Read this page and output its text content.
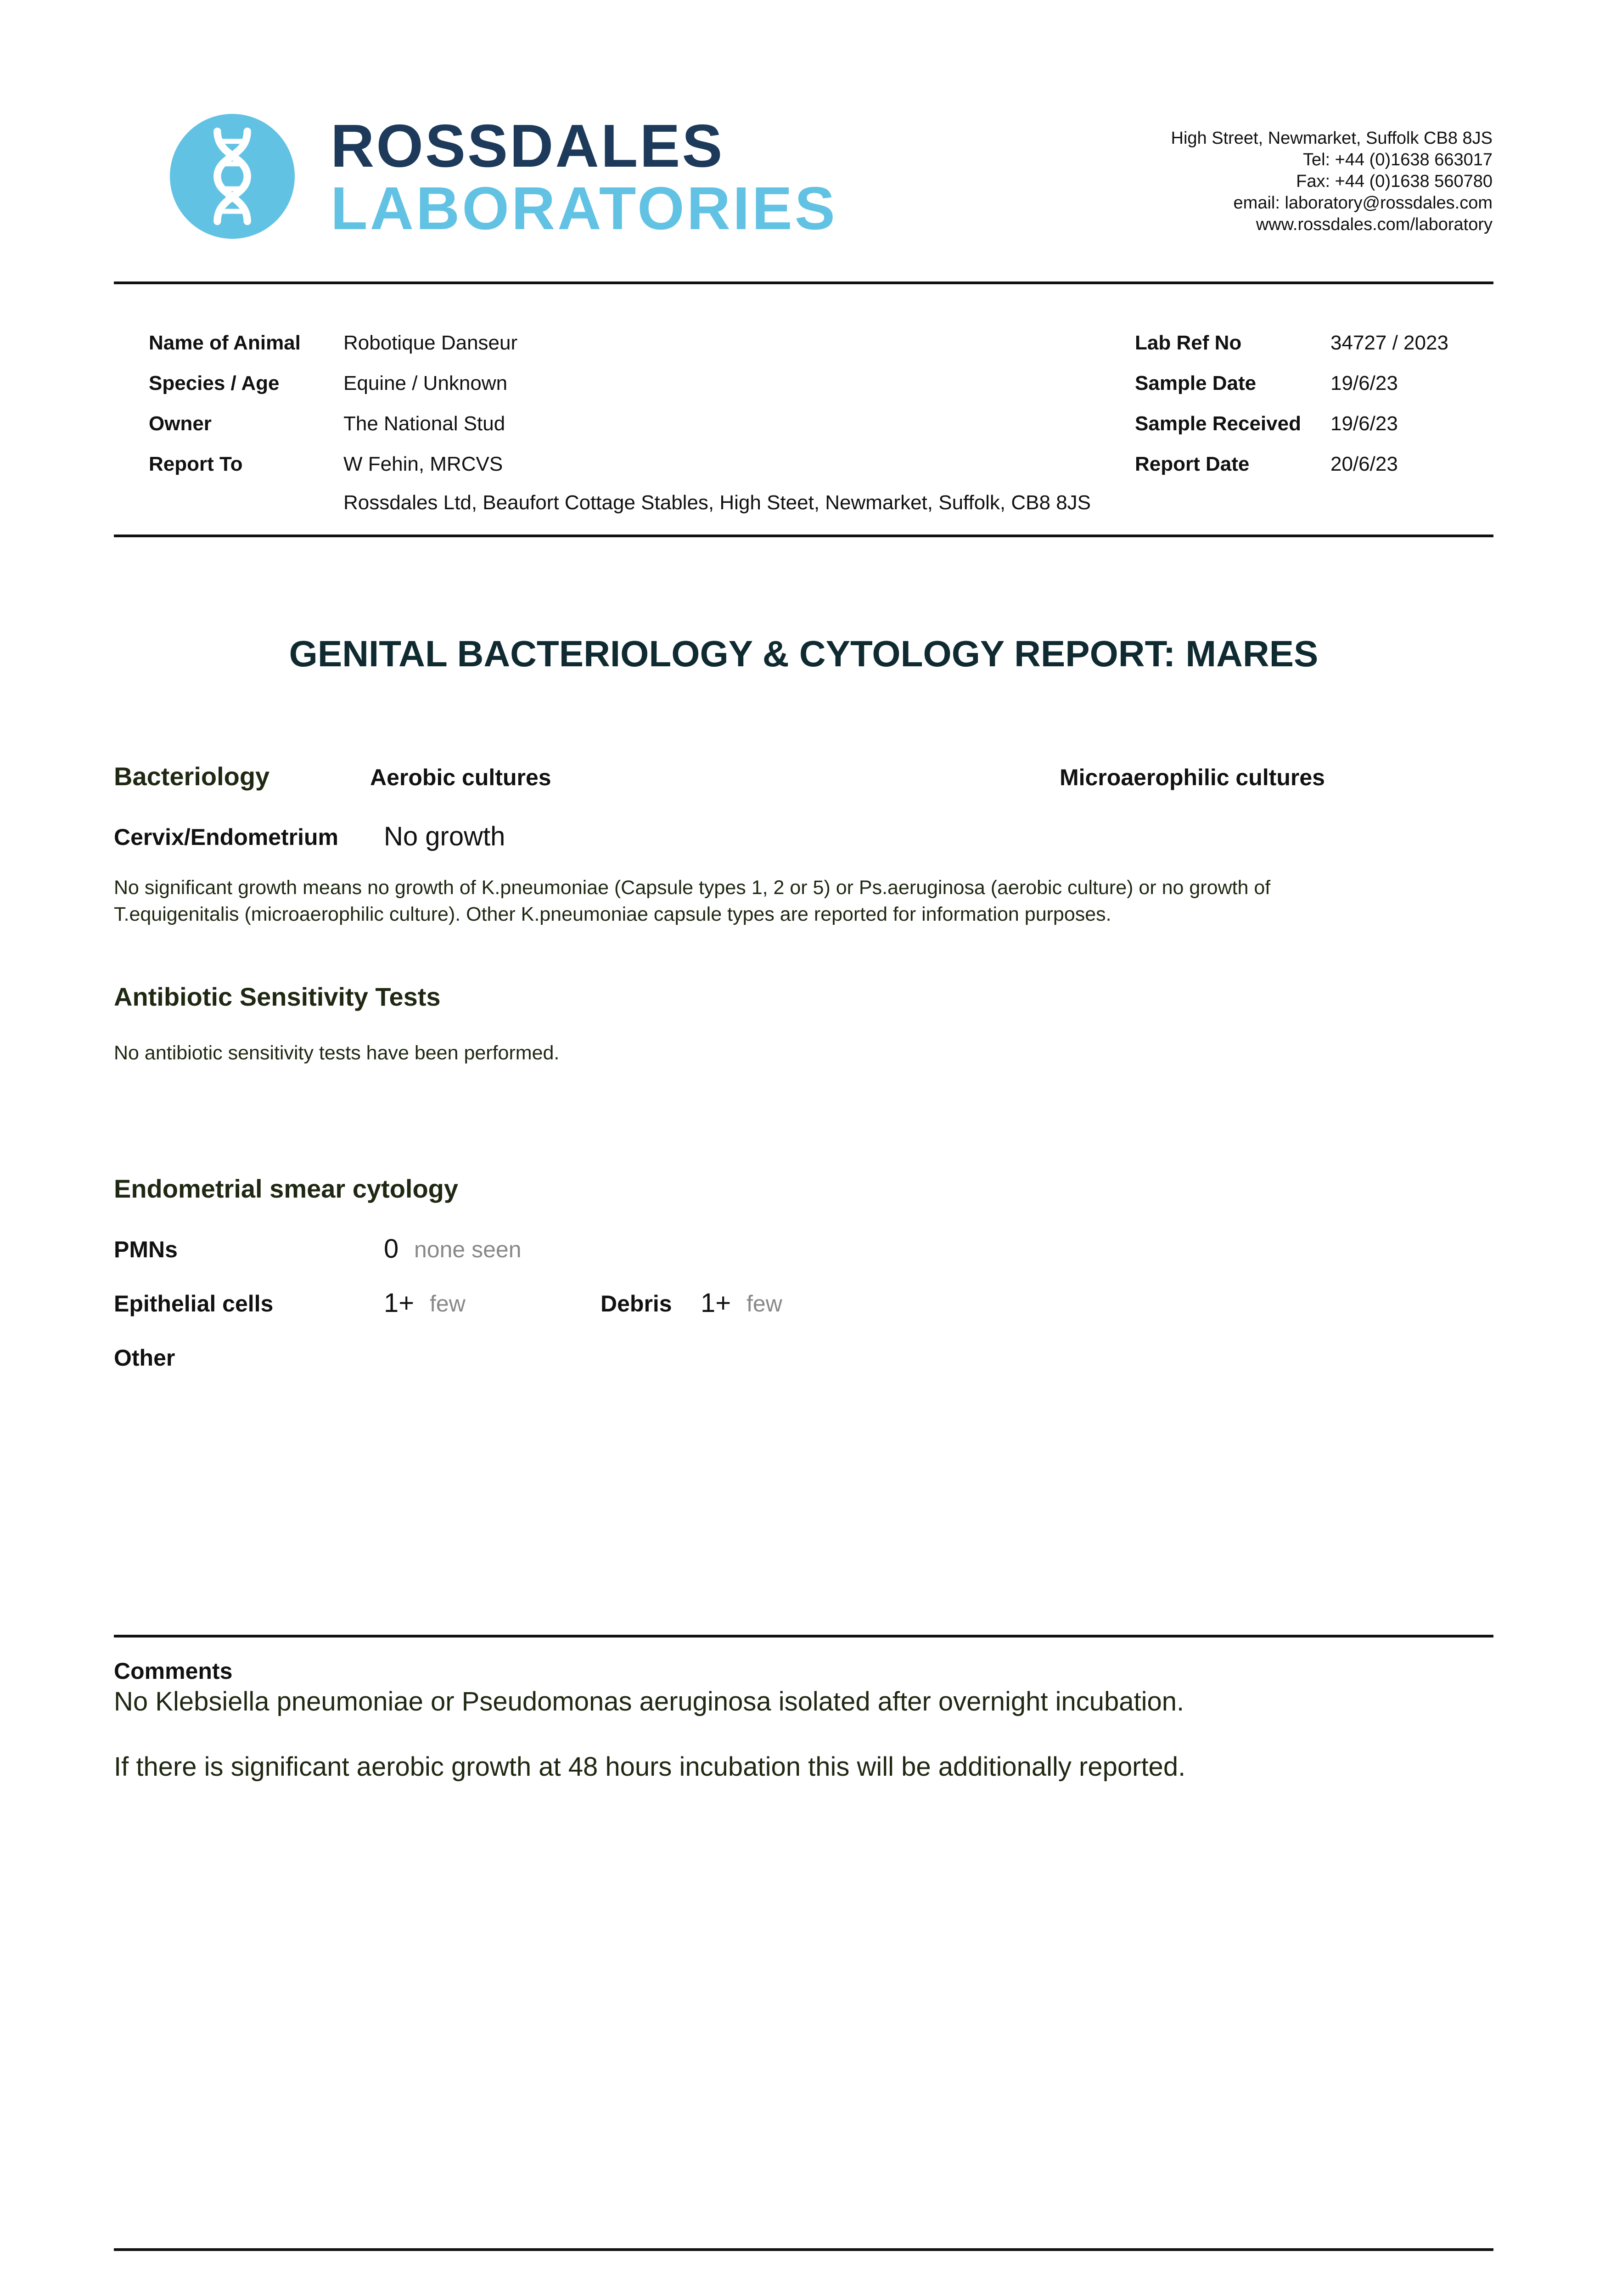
ROSSDALES
LABORATORIES
High Street, Newmarket, Suffolk CB8 8JS
Tel: +44 (0)1638 663017
Fax: +44 (0)1638 560780
email: laboratory@rossdales.com
www.rossdales.com/laboratory
Name of Animal Robotique Danseur
Species / Age	Equine / Unknown
Owner	The National Stud
Report To	W Fehin, MRCVS
Rossdales Ltd, Beaufort Cottage Stables, High Steet, Newmarket, Suffolk, CB8 8JS
Lab Ref No	34727 / 2023
Sample Date	19/6/23
Sample Received 19/6/23
Report Date	20/6/23
GENITAL BACTERIOLOGY & CYTOLOGY REPORT: MARES
Bacteriology	Aerobic cultures	Microaerophilic cultures
Cervix/Endometrium No growth
No significant growth means no growth of K.pneumoniae (Capsule types 1, 2 or 5) or Ps.aeruginosa (aerobic culture) or no growth of
T.equigenitalis (microaerophilic culture). Other K.pneumoniae capsule types are reported for information purposes.
Antibiotic Sensitivity Tests
No antibiotic sensitivity tests have been performed.
Endometrial smear cytology
PMNs	0 none seen
Epithelial cells	1+ few	Debris 1+ few
Other
Comments
No Klebsiella pneumoniae or Pseudomonas aeruginosa isolated after overnight incubation.
If there is significant aerobic growth at 48 hours incubation this will be additionally reported.
